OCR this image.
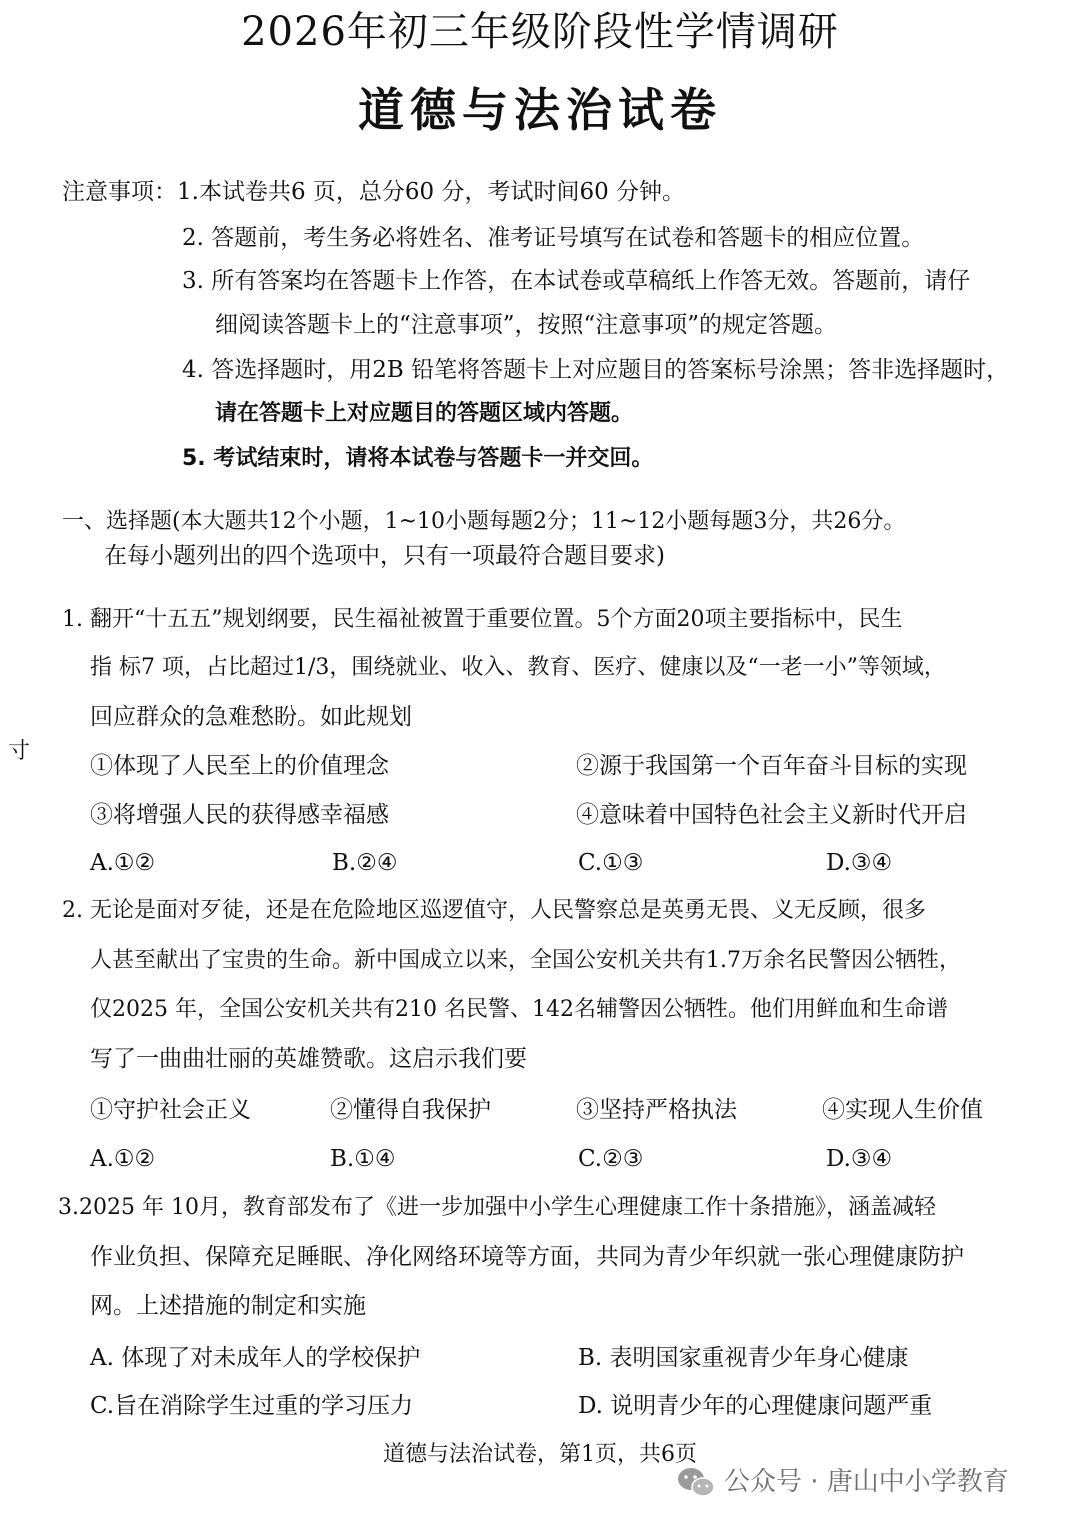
2026年初三年级阶段性学情调研
道德与法治试卷
注意事项：1.本试卷共6 页，总分60 分，考试时间60 分钟。
2. 答题前，考生务必将姓名、准考证号填写在试卷和答题卡的相应位置。
3. 所有答案均在答题卡上作答，在本试卷或草稿纸上作答无效。答题前，请仔
细阅读答题卡上的“注意事项”，按照“注意事项”的规定答题。
4. 答选择题时，用2B 铅笔将答题卡上对应题目的答案标号涂黑；答非选择题时，
请在答题卡上对应题目的答题区域内答题。
5. 考试结束时，请将本试卷与答题卡一并交回。
一、选择题(本大题共12个小题，1~10小题每题2分；11~12小题每题3分，共26分。
在每小题列出的四个选项中，只有一项最符合题目要求)
1. 翻开“十五五”规划纲要，民生福祉被置于重要位置。5个方面20项主要指标中，民生
指 标7 项，占比超过1/3，围绕就业、收入、教育、医疗、健康以及“一老一小”等领域，
回应群众的急难愁盼。如此规划
寸
①体现了人民至上的价值理念	②源于我国第一个百年奋斗目标的实现
③将增强人民的获得感幸福感	④意味着中国特色社会主义新时代开启
A.①②	B.②④	C.①③	D.③④
2. 无论是面对歹徒，还是在危险地区巡逻值守，人民警察总是英勇无畏、义无反顾，很多
人甚至献出了宝贵的生命。新中国成立以来，全国公安机关共有1.7万余名民警因公牺牲，
仅2025 年，全国公安机关共有210 名民警、142名辅警因公牺牲。他们用鲜血和生命谱
写了一曲曲壮丽的英雄赞歌。这启示我们要
①守护社会正义	②懂得自我保护	③坚持严格执法	④实现人生价值
A.①②	B.①④	C.②③	D.③④
3.2025 年 10月，教育部发布了《进一步加强中小学生心理健康工作十条措施》，涵盖减轻
作业负担、保障充足睡眠、净化网络环境等方面，共同为青少年织就一张心理健康防护
网。上述措施的制定和实施
A. 体现了对未成年人的学校保护	B. 表明国家重视青少年身心健康
C.旨在消除学生过重的学习压力	D. 说明青少年的心理健康问题严重
道德与法治试卷，第1页，共6页
公众号 · 唐山中小学教育
